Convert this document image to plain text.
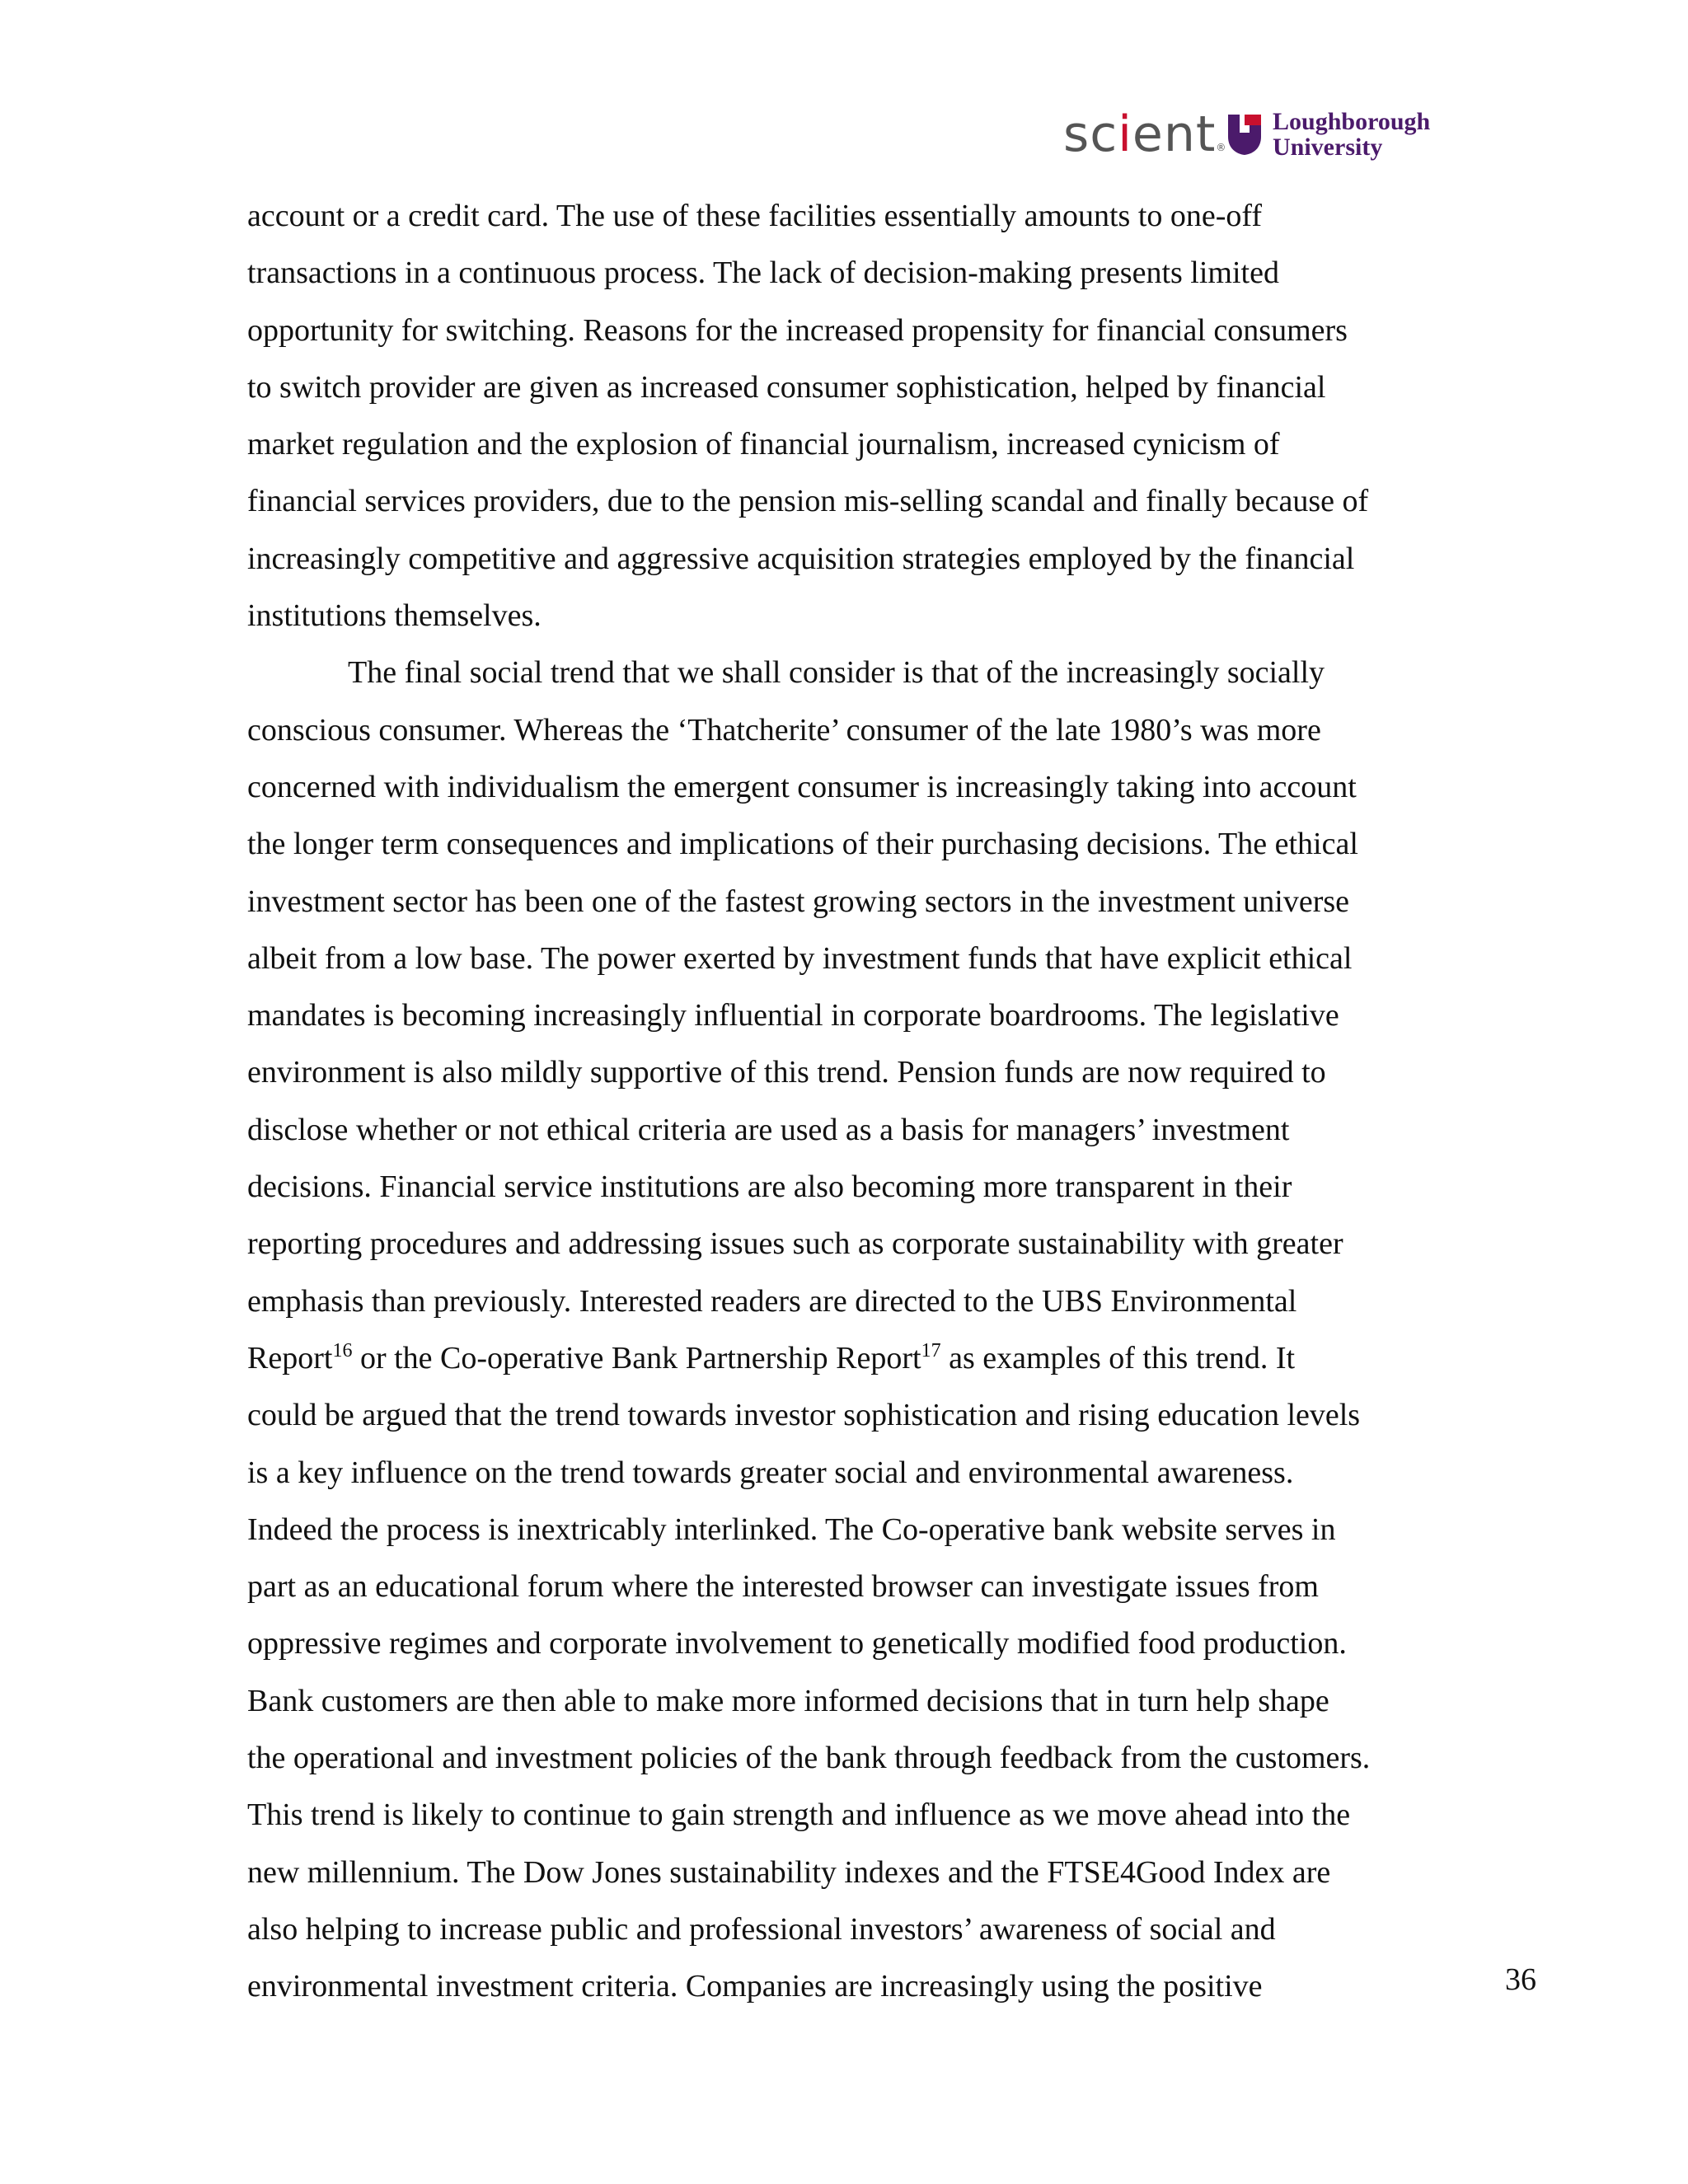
scient®
Loughborough
University
account or a credit card. The use of these facilities essentially amounts to one-off
transactions in a continuous process. The lack of decision-making presents limited
opportunity for switching. Reasons for the increased propensity for financial consumers
to switch provider are given as increased consumer sophistication, helped by financial
market regulation and the explosion of financial journalism, increased cynicism of
financial services providers, due to the pension mis-selling scandal and finally because of
increasingly competitive and aggressive acquisition strategies employed by the financial
institutions themselves.
The final social trend that we shall consider is that of the increasingly socially
conscious consumer. Whereas the ‘Thatcherite’ consumer of the late 1980’s was more
concerned with individualism the emergent consumer is increasingly taking into account
the longer term consequences and implications of their purchasing decisions. The ethical
investment sector has been one of the fastest growing sectors in the investment universe
albeit from a low base. The power exerted by investment funds that have explicit ethical
mandates is becoming increasingly influential in corporate boardrooms. The legislative
environment is also mildly supportive of this trend. Pension funds are now required to
disclose whether or not ethical criteria are used as a basis for managers’ investment
decisions. Financial service institutions are also becoming more transparent in their
reporting procedures and addressing issues such as corporate sustainability with greater
emphasis than previously. Interested readers are directed to the UBS Environmental
Report$^{16}$ or the Co-operative Bank Partnership Report$^{17}$ as examples of this trend. It
could be argued that the trend towards investor sophistication and rising education levels
is a key influence on the trend towards greater social and environmental awareness.
Indeed the process is inextricably interlinked. The Co-operative bank website serves in
part as an educational forum where the interested browser can investigate issues from
oppressive regimes and corporate involvement to genetically modified food production.
Bank customers are then able to make more informed decisions that in turn help shape
the operational and investment policies of the bank through feedback from the customers.
This trend is likely to continue to gain strength and influence as we move ahead into the
new millennium. The Dow Jones sustainability indexes and the FTSE4Good Index are
also helping to increase public and professional investors’ awareness of social and
environmental investment criteria. Companies are increasingly using the positive	36
